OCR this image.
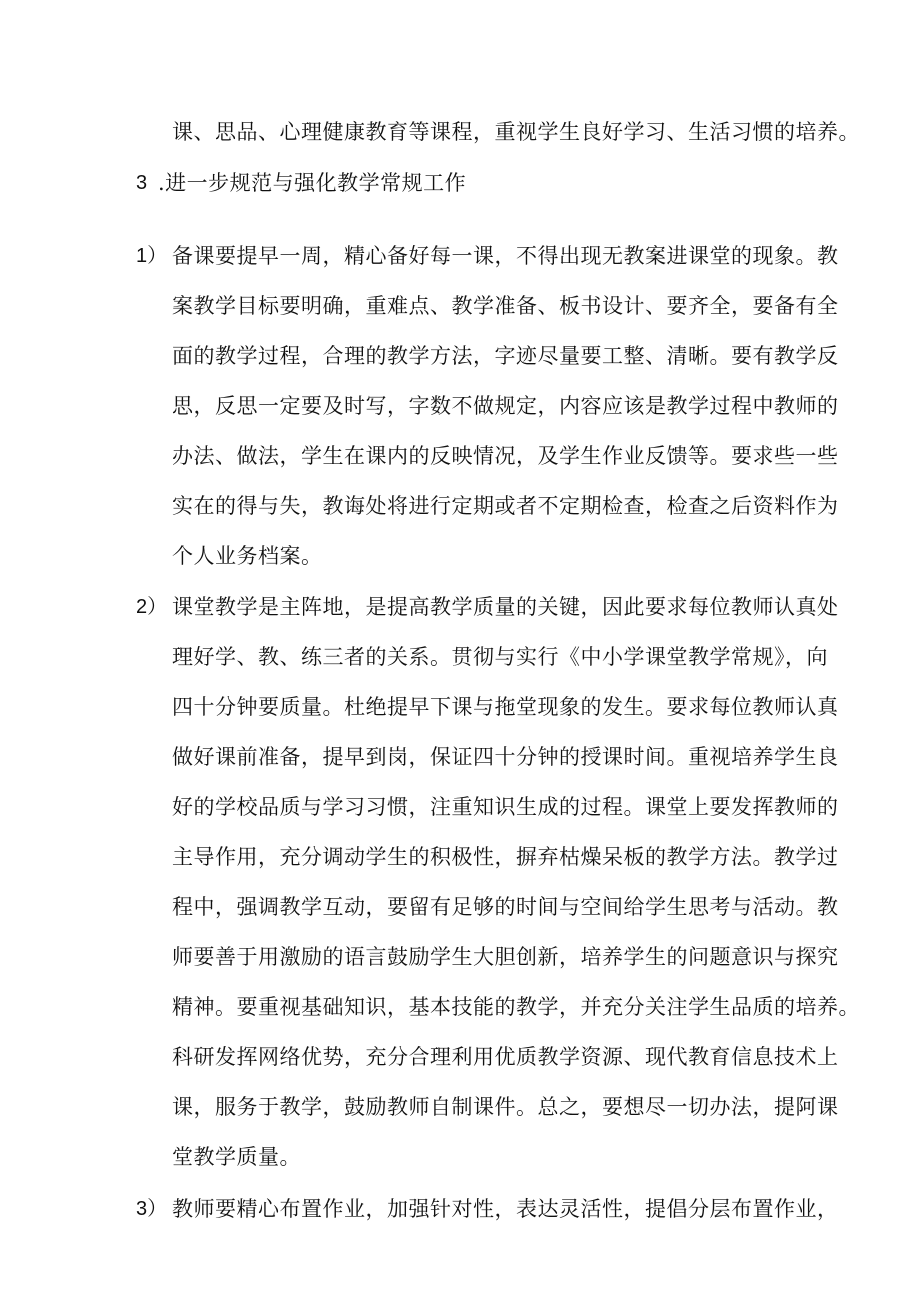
课、思品、心理健康教育等课程，重视学生良好学习、生活习惯的培养。
3 .进一步规范与强化教学常规工作
1） 备课要提早一周，精心备好每一课，不得出现无教案进课堂的现象。教
案教学目标要明确，重难点、教学准备、板书设计、要齐全，要备有全
面的教学过程，合理的教学方法，字迹尽量要工整、清晰。要有教学反
思，反思一定要及时写，字数不做规定，内容应该是教学过程中教师的
办法、做法，学生在课内的反映情况，及学生作业反馈等。要求些一些
实在的得与失，教诲处将进行定期或者不定期检查，检查之后资料作为
个人业务档案。
2） 课堂教学是主阵地，是提高教学质量的关键，因此要求每位教师认真处
理好学、教、练三者的关系。贯彻与实行《中小学课堂教学常规》，向
四十分钟要质量。杜绝提早下课与拖堂现象的发生。要求每位教师认真
做好课前准备，提早到岗，保证四十分钟的授课时间。重视培养学生良
好的学校品质与学习习惯，注重知识生成的过程。课堂上要发挥教师的
主导作用，充分调动学生的积极性，摒弃枯燥呆板的教学方法。教学过
程中，强调教学互动，要留有足够的时间与空间给学生思考与活动。教
师要善于用激励的语言鼓励学生大胆创新，培养学生的问题意识与探究
精神。要重视基础知识，基本技能的教学，并充分关注学生品质的培养。
科研发挥网络优势，充分合理利用优质教学资源、现代教育信息技术上
课，服务于教学，鼓励教师自制课件。总之，要想尽一切办法，提阿课
堂教学质量。
3） 教师要精心布置作业，加强针对性，表达灵活性，提倡分层布置作业，
